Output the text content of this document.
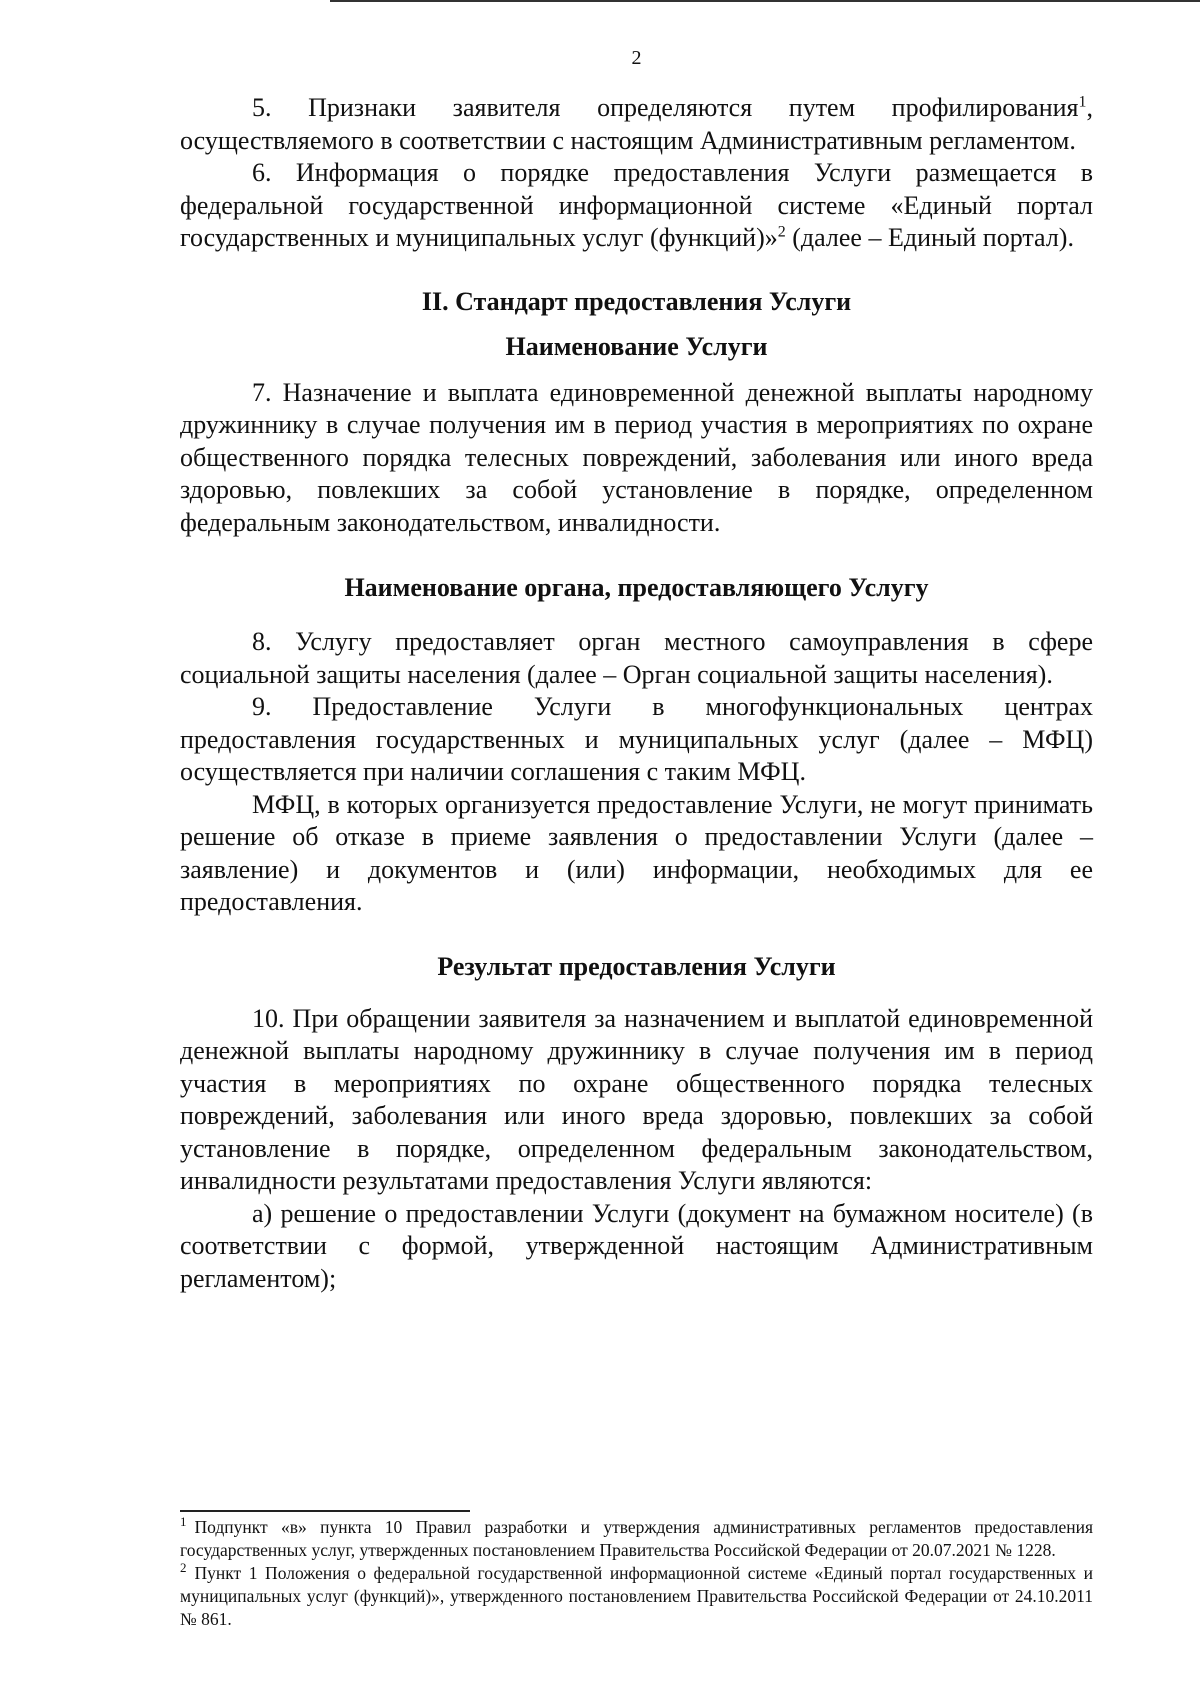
2

5. Признаки заявителя определяются путем профилирования$^1$, осуществляемого в соответствии с настоящим Административным регламентом.

6. Информация о порядке предоставления Услуги размещается в федеральной государственной информационной системе «Единый портал государственных и муниципальных услуг (функций)»$^2$ (далее – Единый портал).

II. Стандарт предоставления Услуги

Наименование Услуги

7. Назначение и выплата единовременной денежной выплаты народному дружиннику в случае получения им в период участия в мероприятиях по охране общественного порядка телесных повреждений, заболевания или иного вреда здоровью, повлекших за собой установление в порядке, определенном федеральным законодательством, инвалидности.

Наименование органа, предоставляющего Услугу

8. Услугу предоставляет орган местного самоуправления в сфере социальной защиты населения (далее – Орган социальной защиты населения).

9. Предоставление Услуги в многофункциональных центрах предоставления государственных и муниципальных услуг (далее – МФЦ) осуществляется при наличии соглашения с таким МФЦ.

МФЦ, в которых организуется предоставление Услуги, не могут принимать решение об отказе в приеме заявления о предоставлении Услуги (далее – заявление) и документов и (или) информации, необходимых для ее предоставления.

Результат предоставления Услуги

10. При обращении заявителя за назначением и выплатой единовременной денежной выплаты народному дружиннику в случае получения им в период участия в мероприятиях по охране общественного порядка телесных повреждений, заболевания или иного вреда здоровью, повлекших за собой установление в порядке, определенном федеральным законодательством, инвалидности результатами предоставления Услуги являются:

а) решение о предоставлении Услуги (документ на бумажном носителе) (в соответствии с формой, утвержденной настоящим Административным регламентом);

$^1$ Подпункт «в» пункта 10 Правил разработки и утверждения административных регламентов предоставления государственных услуг, утвержденных постановлением Правительства Российской Федерации от 20.07.2021 № 1228.

$^2$ Пункт 1 Положения о федеральной государственной информационной системе «Единый портал государственных и муниципальных услуг (функций)», утвержденного постановлением Правительства Российской Федерации от 24.10.2011 № 861.
